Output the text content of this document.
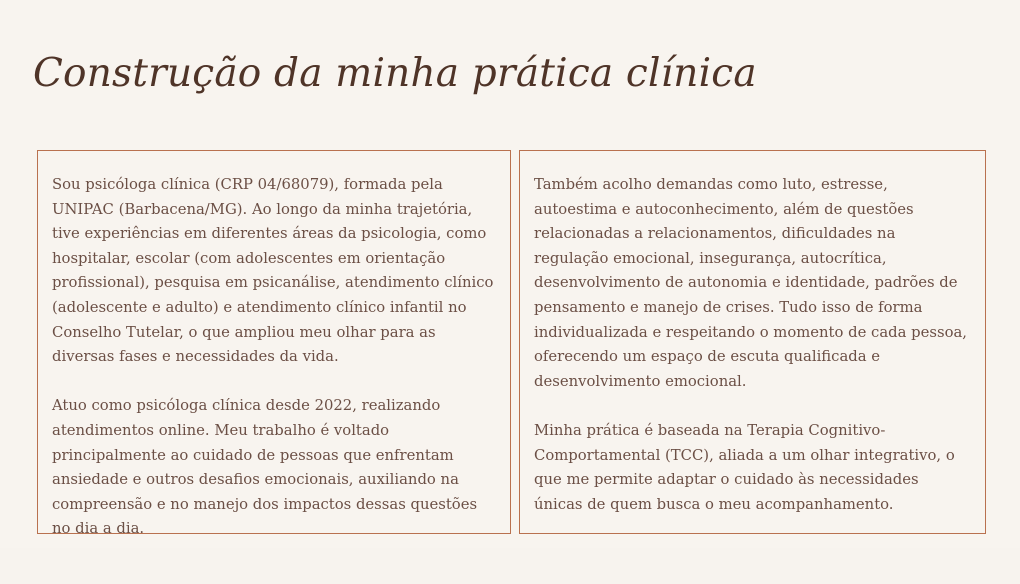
Construção da minha prática clínica

Sou psicóloga clínica (CRP 04/68079), formada pela UNIPAC (Barbacena/MG). Ao longo da minha trajetória, tive experiências em diferentes áreas da psicologia, como hospitalar, escolar (com adolescentes em orientação profissional), pesquisa em psicanálise, atendimento clínico (adolescente e adulto) e atendimento clínico infantil no Conselho Tutelar, o que ampliou meu olhar para as diversas fases e necessidades da vida.

Atuo como psicóloga clínica desde 2022, realizando atendimentos online. Meu trabalho é voltado principalmente ao cuidado de pessoas que enfrentam ansiedade e outros desafios emocionais, auxiliando na compreensão e no manejo dos impactos dessas questões no dia a dia.

Também acolho demandas como luto, estresse, autoestima e autoconhecimento, além de questões relacionadas a relacionamentos, dificuldades na regulação emocional, insegurança, autocrítica, desenvolvimento de autonomia e identidade, padrões de pensamento e manejo de crises. Tudo isso de forma individualizada e respeitando o momento de cada pessoa, oferecendo um espaço de escuta qualificada e desenvolvimento emocional.

Minha prática é baseada na Terapia Cognitivo-Comportamental (TCC), aliada a um olhar integrativo, o que me permite adaptar o cuidado às necessidades únicas de quem busca o meu acompanhamento.
